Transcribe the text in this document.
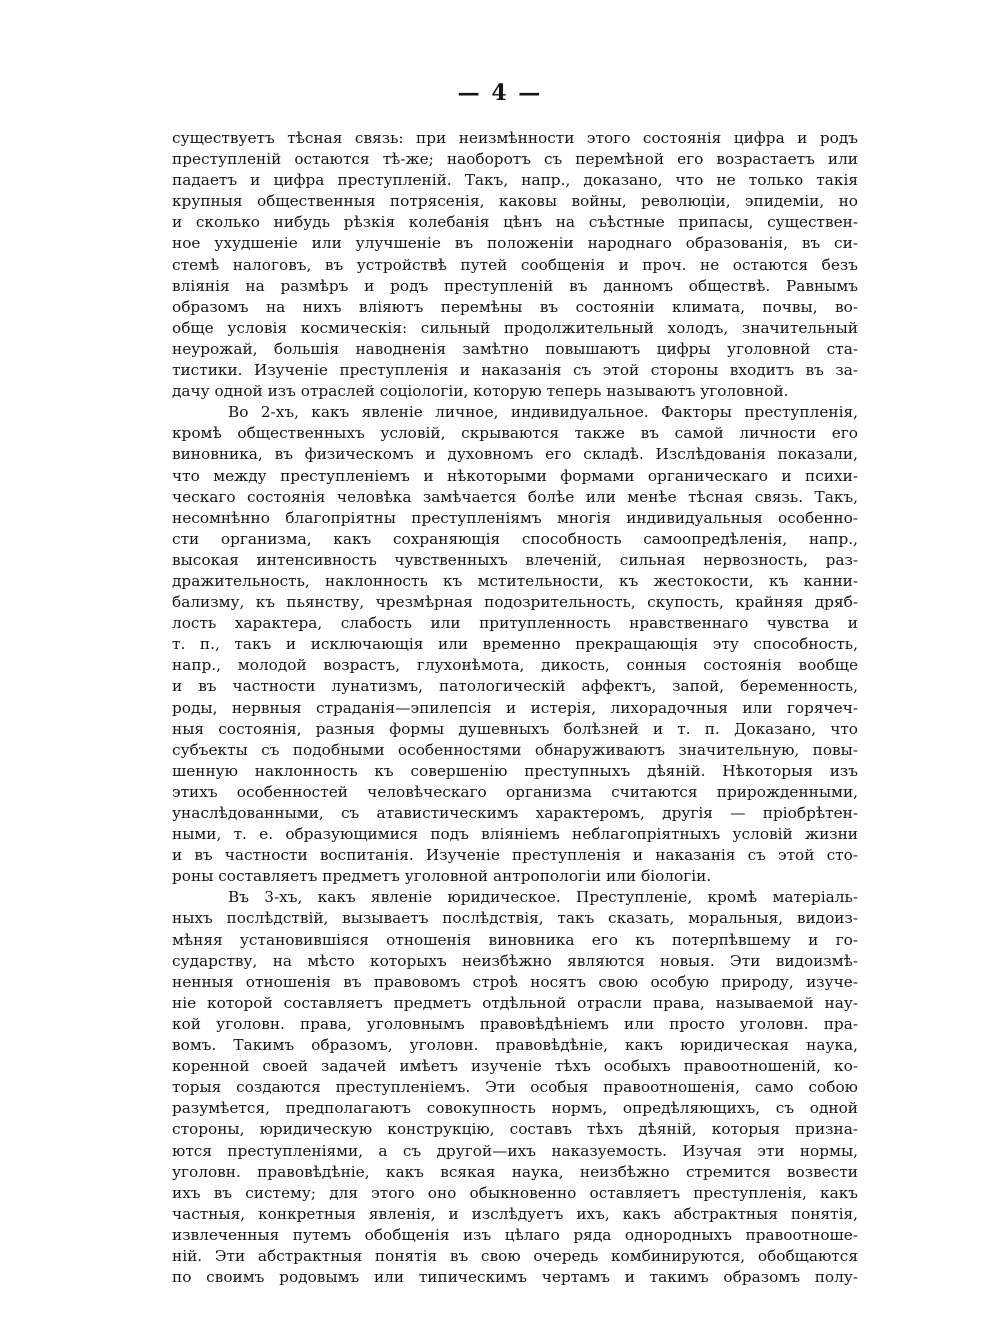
— 4 —
существуетъ тѣсная связь: при неизмѣнности этого состоянія цифра и родъ
преступленій остаются тѣ-же; наоборотъ съ перемѣной его возрастаетъ или
падаетъ и цифра преступленій. Такъ, напр., доказано, что не только такія
крупныя общественныя потрясенія, каковы войны, революціи, эпидеміи, но
и сколько нибудь рѣзкія колебанія цѣнъ на съѣстные припасы, существен-
ное ухудшеніе или улучшеніе въ положеніи народнаго образованія, въ си-
стемѣ налоговъ, въ устройствѣ путей сообщенія и проч. не остаются безъ
вліянія на размѣръ и родъ преступленій въ данномъ обществѣ. Равнымъ
образомъ на нихъ вліяютъ перемѣны въ состояніи климата, почвы, во-
обще условія космическія: сильный продолжительный холодъ, значительный
неурожай, большія наводненія замѣтно повышаютъ цифры уголовной ста-
тистики. Изученіе преступленія и наказанія съ этой стороны входитъ въ за-
дачу одной изъ отраслей соціологіи, которую теперь называютъ уголовной.
Во 2-хъ, какъ явленіе личное, индивидуальное. Факторы преступленія,
кромѣ общественныхъ условій, скрываются также въ самой личности его
виновника, въ физическомъ и духовномъ его складѣ. Изслѣдованія показали,
что между преступленіемъ и нѣкоторыми формами органическаго и психи-
ческаго состоянія человѣка замѣчается болѣе или менѣе тѣсная связь. Такъ,
несомнѣнно благопріятны преступленіямъ многія индивидуальныя особенно-
сти организма, какъ сохраняющія способность самоопредѣленія, напр.,
высокая интенсивность чувственныхъ влеченій, сильная нервозность, раз-
дражительность, наклонность къ мстительности, къ жестокости, къ канни-
бализму, къ пьянству, чрезмѣрная подозрительность, скупость, крайняя дряб-
лость характера, слабость или притупленность нравственнаго чувства и
т. п., такъ и исключающія или временно прекращающія эту способность,
напр., молодой возрастъ, глухонѣмота, дикость, сонныя состоянія вообще
и въ частности лунатизмъ, патологическій аффектъ, запой, беременность,
роды, нервныя страданія—эпилепсія и истерія, лихорадочныя или горячеч-
ныя состоянія, разныя формы душевныхъ болѣзней и т. п. Доказано, что
субъекты съ подобными особенностями обнаруживаютъ значительную, повы-
шенную наклонность къ совершенію преступныхъ дѣяній. Нѣкоторыя изъ
этихъ особенностей человѣческаго организма считаются прирожденными,
унаслѣдованными, съ атавистическимъ характеромъ, другія — пріобрѣтен-
ными, т. е. образующимися подъ вліяніемъ неблагопріятныхъ условій жизни
и въ частности воспитанія. Изученіе преступленія и наказанія съ этой сто-
роны составляетъ предметъ уголовной антропологіи или біологіи.
Въ 3-хъ, какъ явленіе юридическое. Преступленіе, кромѣ матеріаль-
ныхъ послѣдствій, вызываетъ послѣдствія, такъ сказать, моральныя, видоиз-
мѣняя установившіяся отношенія виновника его къ потерпѣвшему и го-
сударству, на мѣсто которыхъ неизбѣжно являются новыя. Эти видоизмѣ-
ненныя отношенія въ правовомъ строѣ носятъ свою особую природу, изуче-
ніе которой составляетъ предметъ отдѣльной отрасли права, называемой нау-
кой уголовн. права, уголовнымъ правовѣдѣніемъ или просто уголовн. пра-
вомъ. Такимъ образомъ, уголовн. правовѣдѣніе, какъ юридическая наука,
коренной своей задачей имѣетъ изученіе тѣхъ особыхъ правоотношеній, ко-
торыя создаются преступленіемъ. Эти особыя правоотношенія, само собою
разумѣется, предполагаютъ совокупность нормъ, опредѣляющихъ, съ одной
стороны, юридическую конструкцію, составъ тѣхъ дѣяній, которыя призна-
ются преступленіями, а съ другой—ихъ наказуемость. Изучая эти нормы,
уголовн. правовѣдѣніе, какъ всякая наука, неизбѣжно стремится возвести
ихъ въ систему; для этого оно обыкновенно оставляетъ преступленія, какъ
частныя, конкретныя явленія, и изслѣдуетъ ихъ, какъ абстрактныя понятія,
извлеченныя путемъ обобщенія изъ цѣлаго ряда однородныхъ правоотноше-
ній. Эти абстрактныя понятія въ свою очередь комбинируются, обобщаются
по своимъ родовымъ или типическимъ чертамъ и такимъ образомъ полу-
